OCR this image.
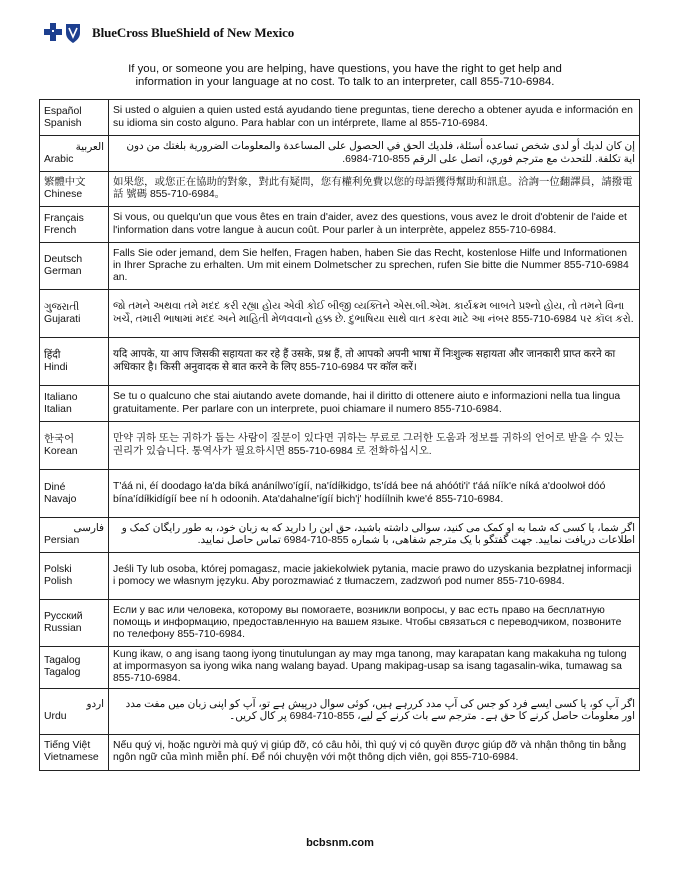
BlueCross BlueShield of New Mexico
If you, or someone you are helping, have questions, you have the right to get help and information in your language at no cost. To talk to an interpreter, call 855-710-6984.
Español
Spanish	Si usted o alguien a quien usted está ayudando tiene preguntas, tiene derecho a obtener ayuda e información en su idioma sin costo alguno. Para hablar con un intérprete, llame al 855-710-6984.

العربية
Arabic	إن كان لديك أو لدى شخص تساعده أسئلة، فلديك الحق في الحصول على المساعدة والمعلومات الضرورية بلغتك من دون اية تكلفة. للتحدث مع مترجم فوري، اتصل على الرقم 855-710-6984.

繁體中文
Chinese	如果您，或您正在協助的對象，對此有疑問，您有權利免費以您的母語獲得幫助和訊息。洽詢一位翻譯員，請撥電話 號碼 855-710-6984。

Français
French	Si vous, ou quelqu'un que vous êtes en train d'aider, avez des questions, vous avez le droit d'obtenir de l'aide et l'information dans votre langue à aucun coût. Pour parler à un interprète, appelez 855-710-6984.

Deutsch
German	Falls Sie oder jemand, dem Sie helfen, Fragen haben, haben Sie das Recht, kostenlose Hilfe und Informationen in Ihrer Sprache zu erhalten. Um mit einem Dolmetscher zu sprechen, rufen Sie bitte die Nummer 855-710-6984 an.

ગુજરાતી
Gujarati	જો તમને અથવા તમે મદદ કરી રહ્યા હોય એવી કોઈ બીજી વ્યક્તિને એસ.બી.એમ. કાર્યક્રમ બાબતે પ્રશ્નો હોય, તો તમને વિના ખર્ચે, તમારી ભાષામાં મદદ અને માહિતી મેળવવાનો હક્ક છે. દુભાષિયા સાથે વાત કરવા માટે આ નંબર 855-710-6984 પર કૉલ કરો.

हिंदी
Hindi	यदि आपके, या आप जिसकी सहायता कर रहे हैं उसके, प्रश्न हैं, तो आपको अपनी भाषा में निःशुल्क सहायता और जानकारी प्राप्त करने का अधिकार है। किसी अनुवादक से बात करने के लिए 855-710-6984 पर कॉल करें।

Italiano
Italian	Se tu o qualcuno che stai aiutando avete domande, hai il diritto di ottenere aiuto e informazioni nella tua lingua gratuitamente. Per parlare con un interprete, puoi chiamare il numero 855-710-6984.

한국어
Korean	만약 귀하 또는 귀하가 돕는 사람이 질문이 있다면 귀하는 무료로 그러한 도움과 정보를 귀하의 언어로 받을 수 있는 권리가 있습니다. 통역사가 필요하시면 855-710-6984 로 전화하십시오.

Diné
Navajo	T'áá ni, éí doodago ła'da bíká anánílwo'ígíí, na'ídíłkidgo, ts'ídá bee ná ahóóti'i' t'áá níík'e níká a'doolwoł dóó bína'ídíłkidígíí bee ní h odoonih. Ata'dahalne'ígíí bich'į' hodíílnih kwe'é 855-710-6984.

فارسی
Persian	اگر شما، یا کسی که شما به او کمک می کنید، سوالی داشته باشید، حق این را دارید که به زبان خود، به طور رایگان کمک و اطلاعات دریافت نمایید. جهت گفتگو با یک مترجم شفاهی، با شماره 855-710-6984 تماس حاصل نمایید.

Polski
Polish	Jeśli Ty lub osoba, której pomagasz, macie jakiekolwiek pytania, macie prawo do uzyskania bezpłatnej informacji i pomocy we własnym języku. Aby porozmawiać z tłumaczem, zadzwoń pod numer 855-710-6984.

Русский
Russian	Если у вас или человека, которому вы помогаете, возникли вопросы, у вас есть право на бесплатную помощь и информацию, предоставленную на вашем языке. Чтобы связаться с переводчиком, позвоните по телефону 855-710-6984.

Tagalog
Tagalog	Kung ikaw, o ang isang taong iyong tinutulungan ay may mga tanong, may karapatan kang makakuha ng tulong at impormasyon sa iyong wika nang walang bayad. Upang makipag-usap sa isang tagasalin-wika, tumawag sa 855-710-6984.

اردو
Urdu	اگر آپ کو، یا کسی ایسے فرد کو جس کی آپ مدد کررہے ہیں، کوئی سوال درپیش ہے تو، آپ کو اپنی زبان میں مفت مدد اور معلومات حاصل کرنے کا حق ہے۔ مترجم سے بات کرنے کے لیے، 855-710-6984 پر کال کریں۔

Tiếng Việt
Vietnamese	Nếu quý vị, hoặc người mà quý vị giúp đỡ, có câu hỏi, thì quý vị có quyền được giúp đỡ và nhận thông tin bằng ngôn ngữ của mình miễn phí. Để nói chuyện với một thông dịch viên, gọi 855-710-6984.
bcbsnm.com
